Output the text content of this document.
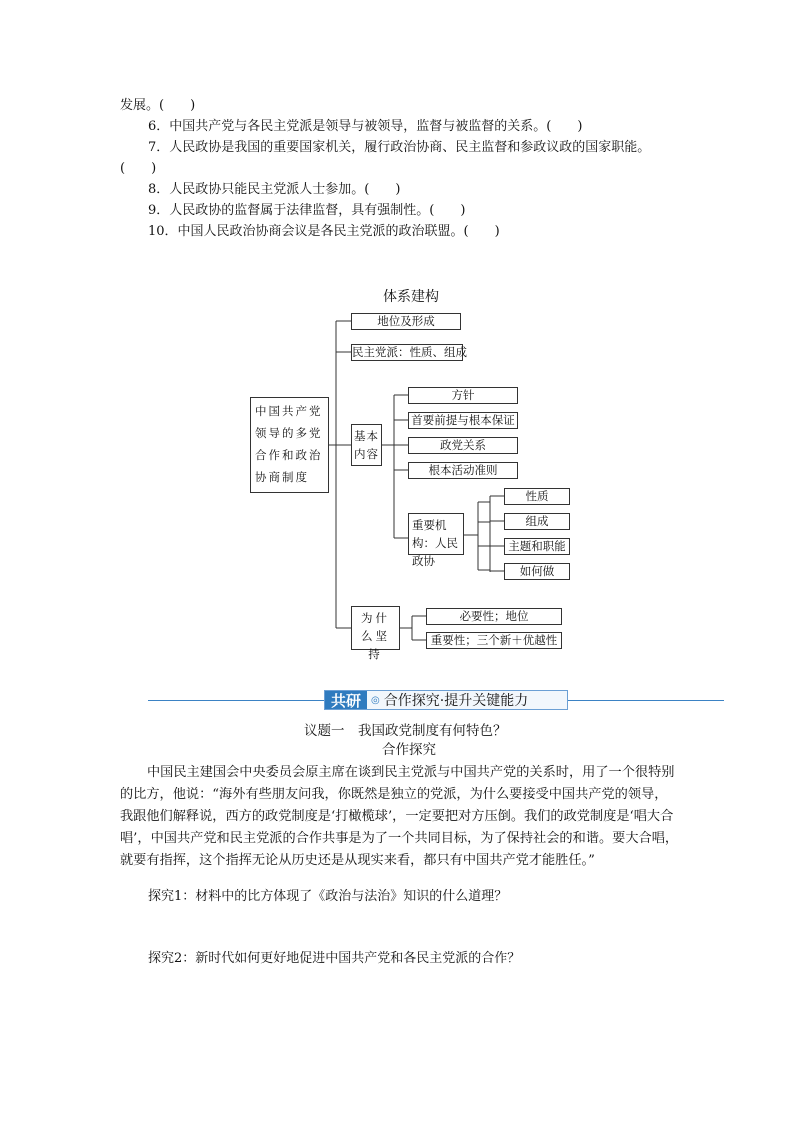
发展。(　　)
6．中国共产党与各民主党派是领导与被领导，监督与被监督的关系。(　　)
7．人民政协是我国的重要国家机关，履行政治协商、民主监督和参政议政的国家职能。
(　　)
8．人民政协只能民主党派人士参加。(　　)
9．人民政协的监督属于法律监督，具有强制性。(　　)
10．中国人民政治协商会议是各民主党派的政治联盟。(　　)
体系建构
中国共产党领导的多党合作和政治协商制度
地位及形成
民主党派：性质、组成
基本内容
方针
首要前提与根本保证
政党关系
根本活动准则
重要机构：人民政协
性质
组成
主题和职能
如何做
为什么坚持
必要性；地位
重要性；三个新＋优越性
共研	◎ 合作探究·提升关键能力
议题一　我国政党制度有何特色？
合作探究
中国民主建国会中央委员会原主席在谈到民主党派与中国共产党的关系时，用了一个很特别的比方，他说：“海外有些朋友问我，你既然是独立的党派，为什么要接受中国共产党的领导，我跟他们解释说，西方的政党制度是‘打橄榄球’，一定要把对方压倒。我们的政党制度是‘唱大合唱’，中国共产党和民主党派的合作共事是为了一个共同目标，为了保持社会的和谐。要大合唱，就要有指挥，这个指挥无论从历史还是从现实来看，都只有中国共产党才能胜任。”
探究1：材料中的比方体现了《政治与法治》知识的什么道理？
探究2：新时代如何更好地促进中国共产党和各民主党派的合作？
